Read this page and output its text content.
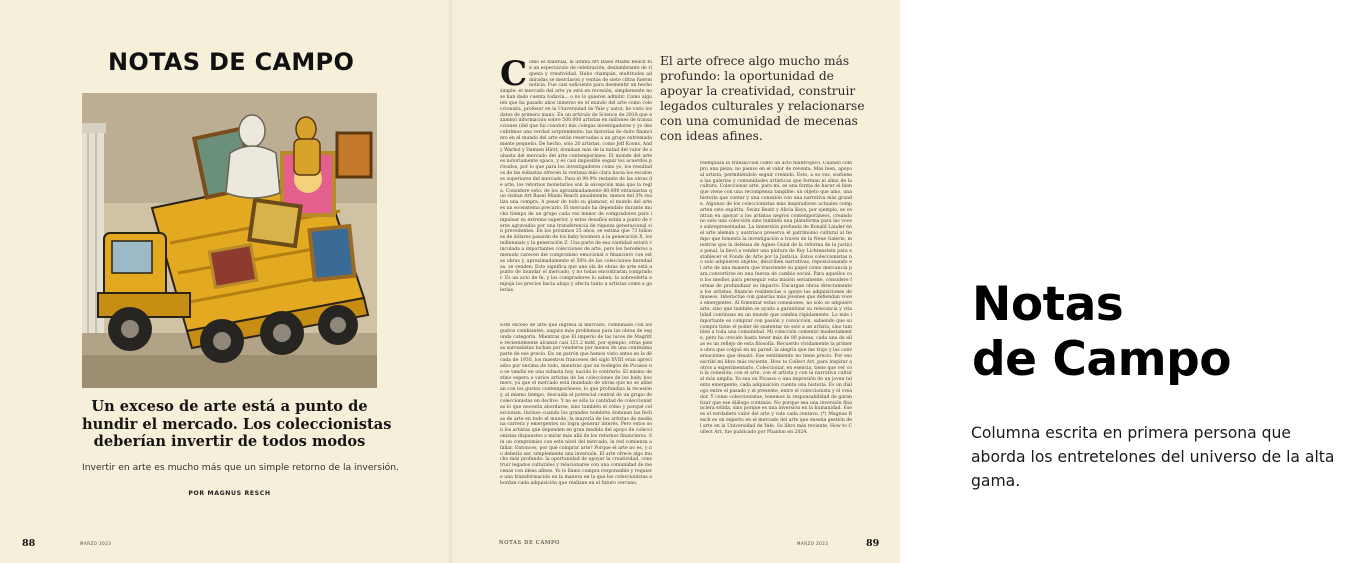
NOTAS DE CAMPO
Un exceso de arte está a punto de
hundir el mercado. Los coleccionistas
deberían invertir de todos modos
Invertir en arte es mucho más que un simple retorno de la inversión.
POR MAGNUS RESCH
88	MARZO 2023
C omo es habitual, la última Art Basel Miami Beach fue un espectáculo de celebración, deslumbrante de riqueza y creatividad. Hubo champán, multitudes admiradas se mezclaron y ventas de siete cifras fueron noticia. Fue casi suficiente para desmentir un hecho simple: el mercado del arte ya está en recesión, simplemente no se han dado cuenta todavía... o no lo quieren admitir. Como alguien que ha pasado años inmerso en el mundo del arte como coleccionista, profesor en la Universidad de Yale y autor, he visto los datos de primera mano. En un artículo de Science de 2018 que examinó información sobre 500,000 artistas en millones de transacciones (del que fui coautor) mis colegas investigadores y yo descubrimos una verdad sorprendente: las historias de éxito financiero en el mundo del arte están reservadas a un grupo extremadamente pequeño. De hecho, sólo 20 artistas, como Jeff Koons, Andy Warhol y Damien Hirst, dominan más de la mitad del valor de subasta del mercado del arte contemporáneo. El mundo del arte es notoriamente opaco, y es casi imposible seguir los acuerdos privados, por lo que para los investigadores como yo, los resultados de las subastas ofrecen la ventana más clara hacia los escalones superiores del mercado. Para el 99.9% restante de las obras de arte, los retornos monetarios son la excepción más que la regla. Considere esto: de los aproximadamente 80,000 entusiastas que visitan Art Basel Miami Beach anualmente, menos del 3% realiza una compra. A pesar de todo su glamour, el mundo del arte es un ecosistema precario. El mercado ha dependido durante mucho tiempo de un grupo cada vez menor de compradores para impulsar su extremo superior, y estos desafíos están a punto de verse agravados por una transferencia de riqueza generacional sin precedentes. En los próximos 25 años, se estima que 73 billones de dólares pasarán de los baby boomers a la generación X, los millennials y la generación Z. Una parte de esa cantidad estará vinculada a importantes colecciones de arte, pero los herederos a menudo carecen del compromiso emocional o financiero con estas obras y, aproximadamente el 50% de las colecciones heredadas, se venden. Esto significa que una ola de obras de arte está a punto de inundar el mercado, y no todas encontrarán comprador. Es un acto de fe, y los compradores lo saben; la sobreoferta empuja los precios hacia abajo y afecta tanto a artistas como a galerías.
Este exceso de arte que ingresa al mercado, combinado con los gustos cambiantes, augura más problemas para las obras de segunda categoría. Mientras que El imperio de las luces de Magritte recientemente alcanzó casi 121.2 mdd, por ejemplo, otras piezas surrealistas luchan por venderse por menos de una centésima parte de ese precio. En un patrón que hemos visto antes en la década de 1930, los maestros franceses del siglo XVIII eran apreciados por encima de todo, mientras que un bodegón de Picasso no se vendió en una subasta hoy, nacido lo contrario. El mismo destino espera a varios artistas de las colecciones de los baby boomers, ya que el mercado está inundado de obras que no se alinean con los gustos contemporáneos, lo que profundiza la recesión y, al mismo tiempo, descuida el potencial central de un grupo de coleccionistas en declive. Y no es sólo la cantidad de coleccionistas lo que necesita abordarse, sino también el cómo y porqué coleccionan. Incluso cuando los grandes nombres dominan las fechas de arte en todo el mundo, la mayoría de los artistas de mediana carrera y emergentes no logra generar interés. Pero estos son los artistas que dependen en gran medida del apoyo de coleccionistas dispuestos a mirar más allá de los retornos financieros. Sin un compromiso con este nivel del mercado, la red comienza a fallar. Entonces, por qué comprar arte? Porque el arte no es, y no debería ser, simplemente una inversión. El arte ofrece algo mucho más profundo: la oportunidad de apoyar la creatividad, construir legados culturales y relacionarse con una comunidad de mecenas con ideas afines. Yo lo llamo compra responsable y requiere una transformación en la manera en la que los coleccionistas abordan cada adquisición que realizan en el futuro cercano.
reemplaza la transacción como un acto filantrópico. Cuando compro una pieza, no pienso en el valor de reventa. Más bien, apoyo al artista, permitiéndole seguir creando. Esto, a su vez, sostiene a las galerías y comunidades artísticas que forman el alma de la cultura. Coleccionar arte, para mí, es una forma de hacer el bien que viene con una recompensa tangible: un objeto que amo, una historia que contar y una conexión con una narrativa más grande. Algunos de los coleccionistas más inspiradores actuales comparten este espíritu. Swizz Beatz y Alicia Keys, por ejemplo, se centran en apoyar a los artistas negros contemporáneos, creando no solo una colección sino también una plataforma para las voces subrepresentadas. La inmersión profunda de Ronald Lauder en el arte alemán y austriaco preserva el patrimonio cultural al tiempo que fomenta la investigación a través de la Neue Galerie, mientras que la defensa de Agnes Gund de la reforma de la justicia penal, la llevó a vender una pintura de Roy Lichtenstein para establecer el Fondo de Arte por la Justicia. Estos coleccionistas no solo adquieren objetos, describen narrativas, reposicionando el arte de una manera que trasciende su papel como mercancía para convertirse en una fuerza de cambio social. Para aquellos con los medios para perseguir esta misión seriamente, considere formas de profundizar su impacto. Encargue obras directamente a los artistas, financie residencias o apoye las adquisiciones de museos. Interactúe con galerías más jóvenes que defiendan voces emergentes. Al fomentar estas conexiones, no solo se adquiere arte, sino que también se ayuda a garantizar su relevancia y vitalidad continuas en un mundo que cambia rápidamente. Lo más importante es comprar con pasión y convicción, sabiendo que su compra tiene el poder de sustentar no solo a un artista, sino también a toda una comunidad. Mi colección comenzó modestamente, pero ha crecido hasta tener más de 80 piezas, cada una de ellas es un reflejo de esta filosofía. Recuerdo vívidamente la primera obra que colgué en mi pared: la alegría que me trajo y las conversaciones que desató. Ese sentimiento no tiene precio. Por eso escribí mi libro más reciente, How to Collect Art, para inspirar a otros a experimentarlo. Coleccionar, en esencia, tiene que ver con la conexión: con el arte, con el artista y con la narrativa cultural más amplia. Ya sea un Picasso o una impresión de un joven talento emergente, cada adquisición cuenta una historia. Es un diálogo entre el pasado y el presente, entre el coleccionista y el creador. Y como coleccionistas, tenemos la responsabilidad de garantizar que ese diálogo continúe. No porque sea una inversión financiera sólida, sino porque es una inversión en la humanidad. Ese es el verdadero valor del arte y vale cada centavo. (*) Magnus Resch es un experto en el mercado del arte que enseña gestión del arte en la Universidad de Yale. Su libro más reciente, How to Collect Art, fue publicado por Phaidon en 2024.
El arte ofrece algo mucho más
profundo: la oportunidad de
apoyar la creatividad, construir
legados culturales y relacionarse
con una comunidad de mecenas
con ideas afines.
NOTAS DE CAMPO	MARZO 2023	89
Notas
de Campo
Columna escrita en primera persona que
aborda los entretelones del universo de la alta
gama.
